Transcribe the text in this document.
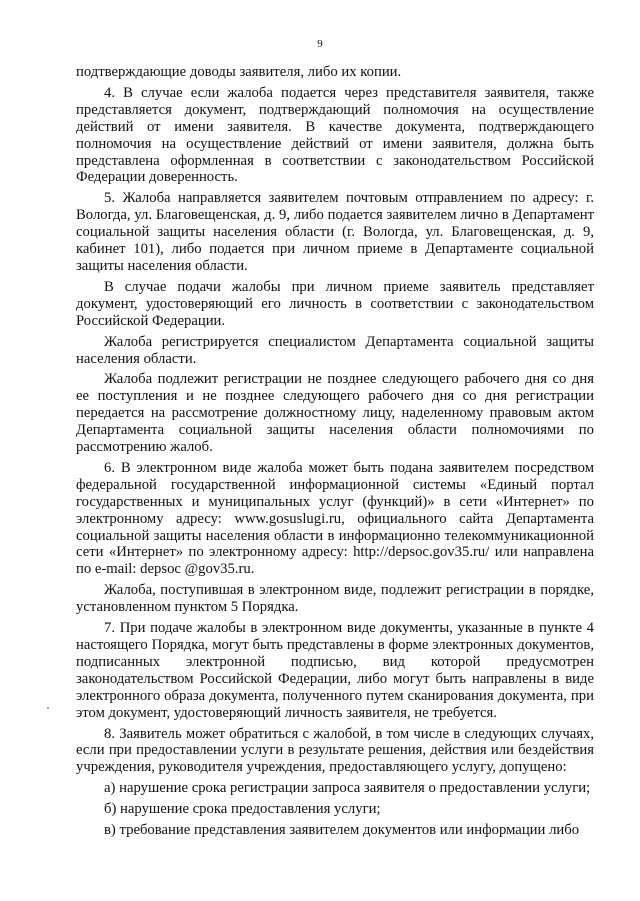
9

подтверждающие доводы заявителя, либо их копии.

4. В случае если жалоба подается через представителя заявителя, также представляется документ, подтверждающий полномочия на осуществление действий от имени заявителя. В качестве документа, подтверждающего полномочия на осуществление действий от имени заявителя, должна быть представлена оформленная в соответствии с законодательством Российской Федерации доверенность.

5. Жалоба направляется заявителем почтовым отправлением по адресу: г. Вологда, ул. Благовещенская, д. 9, либо подается заявителем лично в Департамент социальной защиты населения области (г. Вологда, ул. Благовещенская, д. 9, кабинет 101), либо подается при личном приеме в Департаменте социальной защиты населения области.

В случае подачи жалобы при личном приеме заявитель представляет документ, удостоверяющий его личность в соответствии с законодательством Российской Федерации.

Жалоба регистрируется специалистом Департамента социальной защиты населения области.

Жалоба подлежит регистрации не позднее следующего рабочего дня со дня ее поступления и не позднее следующего рабочего дня со дня регистрации передается на рассмотрение должностному лицу, наделенному правовым актом Департамента социальной защиты населения области полномочиями по рассмотрению жалоб.

6. В электронном виде жалоба может быть подана заявителем посредством федеральной государственной информационной системы «Единый портал государственных и муниципальных услуг (функций)» в сети «Интернет» по электронному адресу: www.gosuslugi.ru, официального сайта Департамента социальной защиты населения области в информационно телекоммуникационной сети «Интернет» по электронному адресу: http://depsoc.gov35.ru/ или направлена по e-mail: depsoc @gov35.ru.

Жалоба, поступившая в электронном виде, подлежит регистрации в порядке, установленном пунктом 5 Порядка.

7. При подаче жалобы в электронном виде документы, указанные в пункте 4 настоящего Порядка, могут быть представлены в форме электронных документов, подписанных электронной подписью, вид которой предусмотрен законодательством Российской Федерации, либо могут быть направлены в виде электронного образа документа, полученного путем сканирования документа, при этом документ, удостоверяющий личность заявителя, не требуется.

8. Заявитель может обратиться с жалобой, в том числе в следующих случаях, если при предоставлении услуги в результате решения, действия или бездействия учреждения, руководителя учреждения, предоставляющего услугу, допущено:

а) нарушение срока регистрации запроса заявителя о предоставлении услуги;

б) нарушение срока предоставления услуги;

в) требование представления заявителем документов или информации либо
